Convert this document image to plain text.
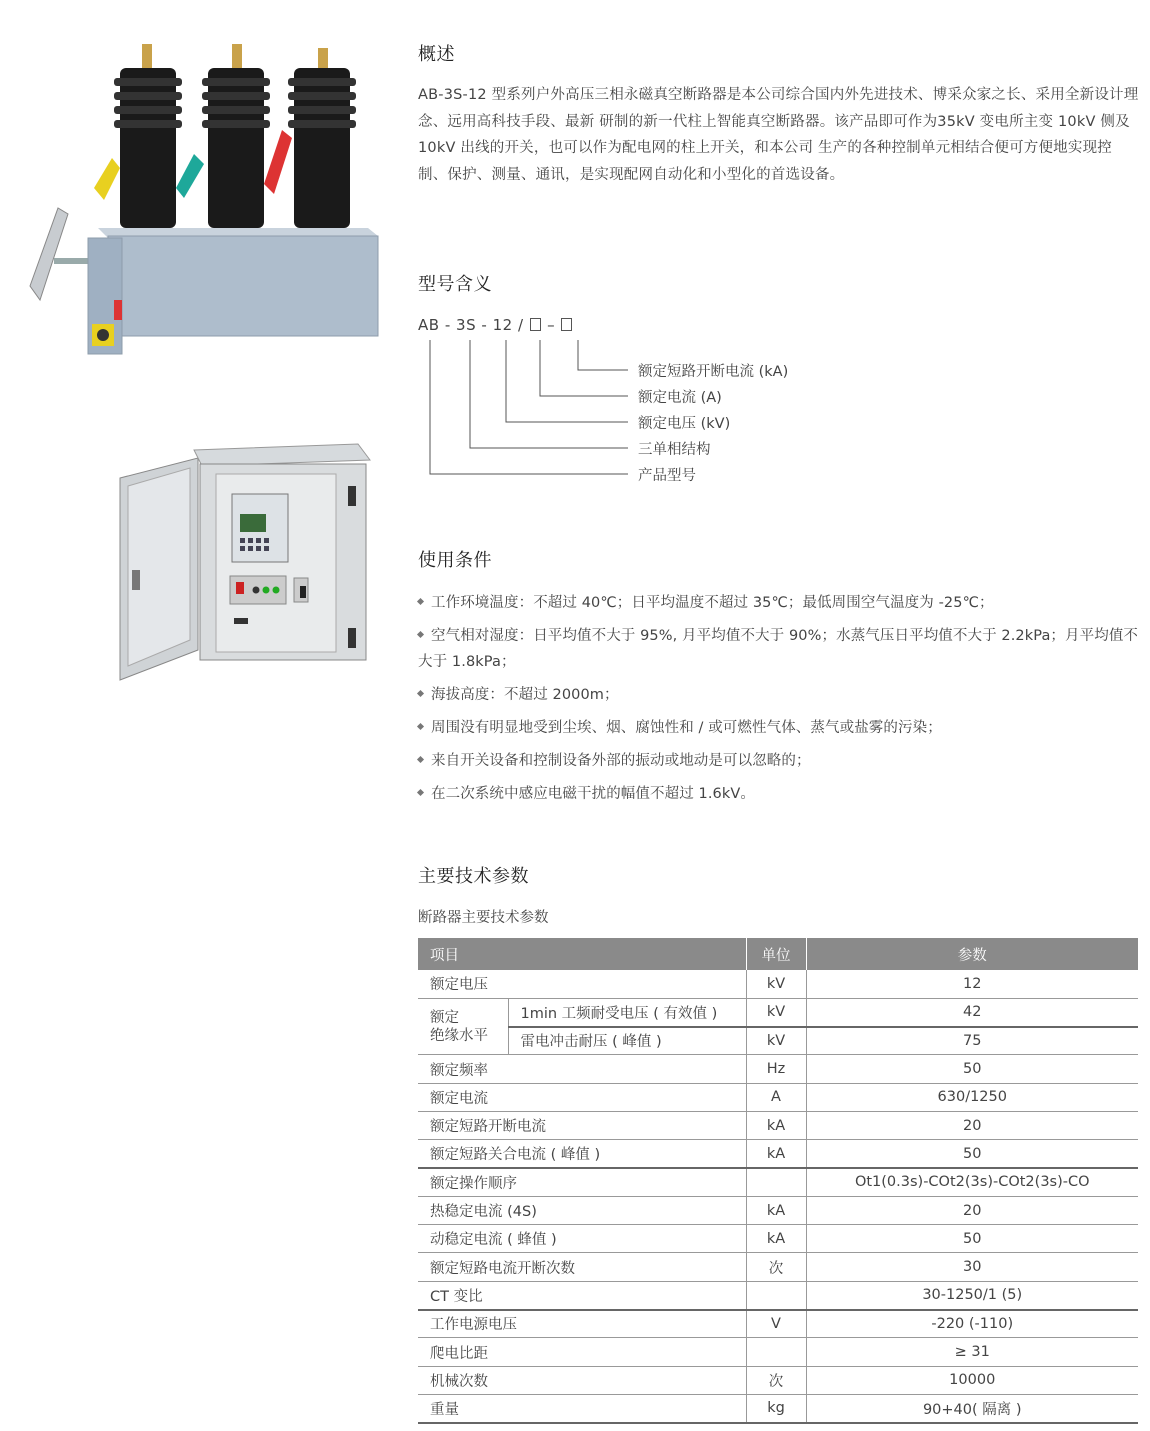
概述

AB-3S-12 型系列户外高压三相永磁真空断路器是本公司综合国内外先进技术、博采众家之长、采用全新设计理念、远用高科技手段、最新 研制的新一代柱上智能真空断路器。该产品即可作为35kV 变电所主变 10kV 侧及 10kV 出线的开关，也可以作为配电网的柱上开关，和本公司 生产的各种控制单元相结合便可方便地实现控制、保护、测量、通讯，是实现配网自动化和小型化的首选设备。

型号含义
AB - 3S - 12 / –
额定短路开断电流 (kA)
额定电流 (A)
额定电压 (kV)
三单相结构
产品型号
使用条件
工作环境温度：不超过 40℃；日平均温度不超过 35℃；最低周围空气温度为 -25℃；
空气相对湿度：日平均值不大于 95%, 月平均值不大于 90%；水蒸气压日平均值不大于 2.2kPa；月平均值不大于 1.8kPa；
海拔高度：不超过 2000m；
周围没有明显地受到尘埃、烟、腐蚀性和 / 或可燃性气体、蒸气或盐雾的污染；
来自开关设备和控制设备外部的振动或地动是可以忽略的；
在二次系统中感应电磁干扰的幅值不超过 1.6kV。
主要技术参数
断路器主要技术参数
项目		单位	参数
额定电压		kV	12
额定
绝缘水平	1min 工频耐受电压 ( 有效值 )	kV	42
	雷电冲击耐压 ( 峰值 )	kV	75
额定频率		Hz	50
额定电流		A	630/1250
额定短路开断电流		kA	20
额定短路关合电流 ( 峰值 )		kA	50
额定操作顺序			Ot1(0.3s)-COt2(3s)-COt2(3s)-CO
热稳定电流 (4S)		kA	20
动稳定电流 ( 蜂值 )		kA	50
额定短路电流开断次数		次	30
CT 变比			30-1250/1 (5)
工作电源电压		V	-220 (-110)
爬电比距			≥ 31
机械次数		次	10000
重量		kg	90+40( 隔离 )
